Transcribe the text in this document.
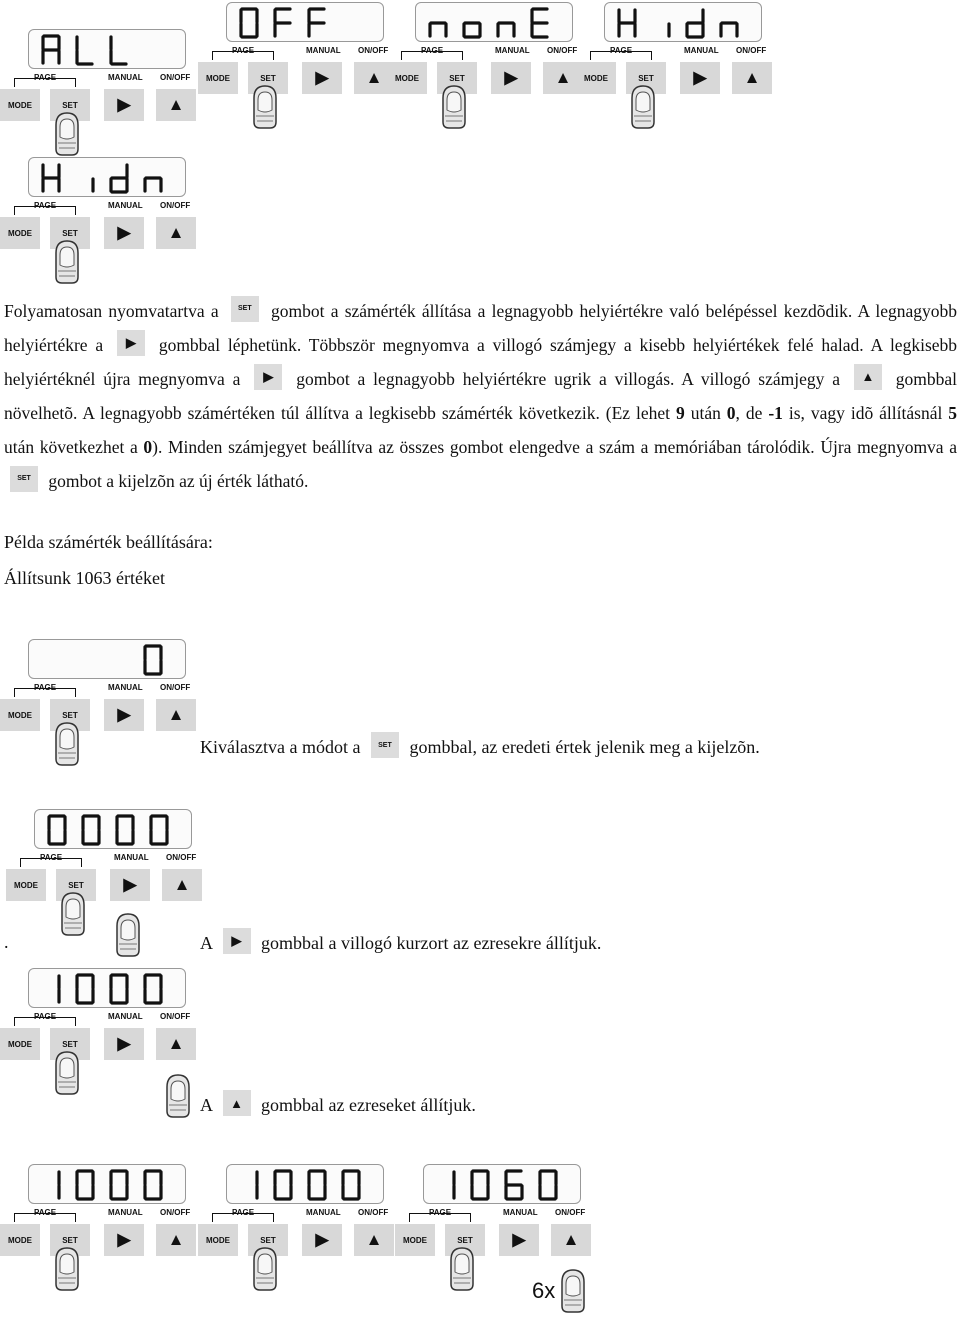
PAGE	MANUAL ON/OFF
MODE	SET	▶	▲
PAGE	MANUAL ON/OFF
MODE	SET	▶	▲
PAGE	MANUAL ON/OFF
MODE	SET	▶	▲
PAGE	MANUAL ON/OFF
MODE	SET	▶	▲
PAGE	MANUAL ON/OFF
MODE	SET	▶	▲
Folyamatosan nyomvatartva a	SET gombot a számérték állítása a legnagyobb helyiértékre való belépéssel kezdõdik. A legnagyobb helyiértékre a ▶ gombbal léphetünk. Többször megnyomva a villogó számjegy a kisebb helyiértékek felé halad. A legkisebb helyiértéknél újra megnyomva a ▶ gombot a legnagyobb helyiértékre ugrik a villogás. A villogó számjegy a ▲ gombbal növelhetõ. A legnagyobb számértéken túl állítva a legkisebb számérték következik. (Ez lehet 9 után 0, de -1 is, vagy idõ állításnál 5 után következhet a 0). Minden számjegyet beállítva az összes gombot elengedve a szám a memóriában tárolódik. Újra megnyomva a SET gombot a kijelzõn az új érték látható.
Példa számérték beállítására:
Állítsunk 1063 értéket
PAGE	MANUAL ON/OFF
MODE	SET	▶	▲
Kiválasztva a módot a	SET gombbal, az eredeti értek jelenik meg a kijelzõn.
PAGE	MANUAL ON/OFF
MODE	SET	▶	▲
.	A ▶ gombbal a villogó kurzort az ezresekre állítjuk.
PAGE	MANUAL ON/OFF
MODE	SET	▶	▲
A ▲ gombbal az ezreseket állítjuk.
PAGE	MANUAL ON/OFF
MODE	SET	▶	▲
PAGE	MANUAL ON/OFF
MODE	SET	▶	▲
PAGE	MANUAL ON/OFF
MODE	SET	▶	▲
6x
